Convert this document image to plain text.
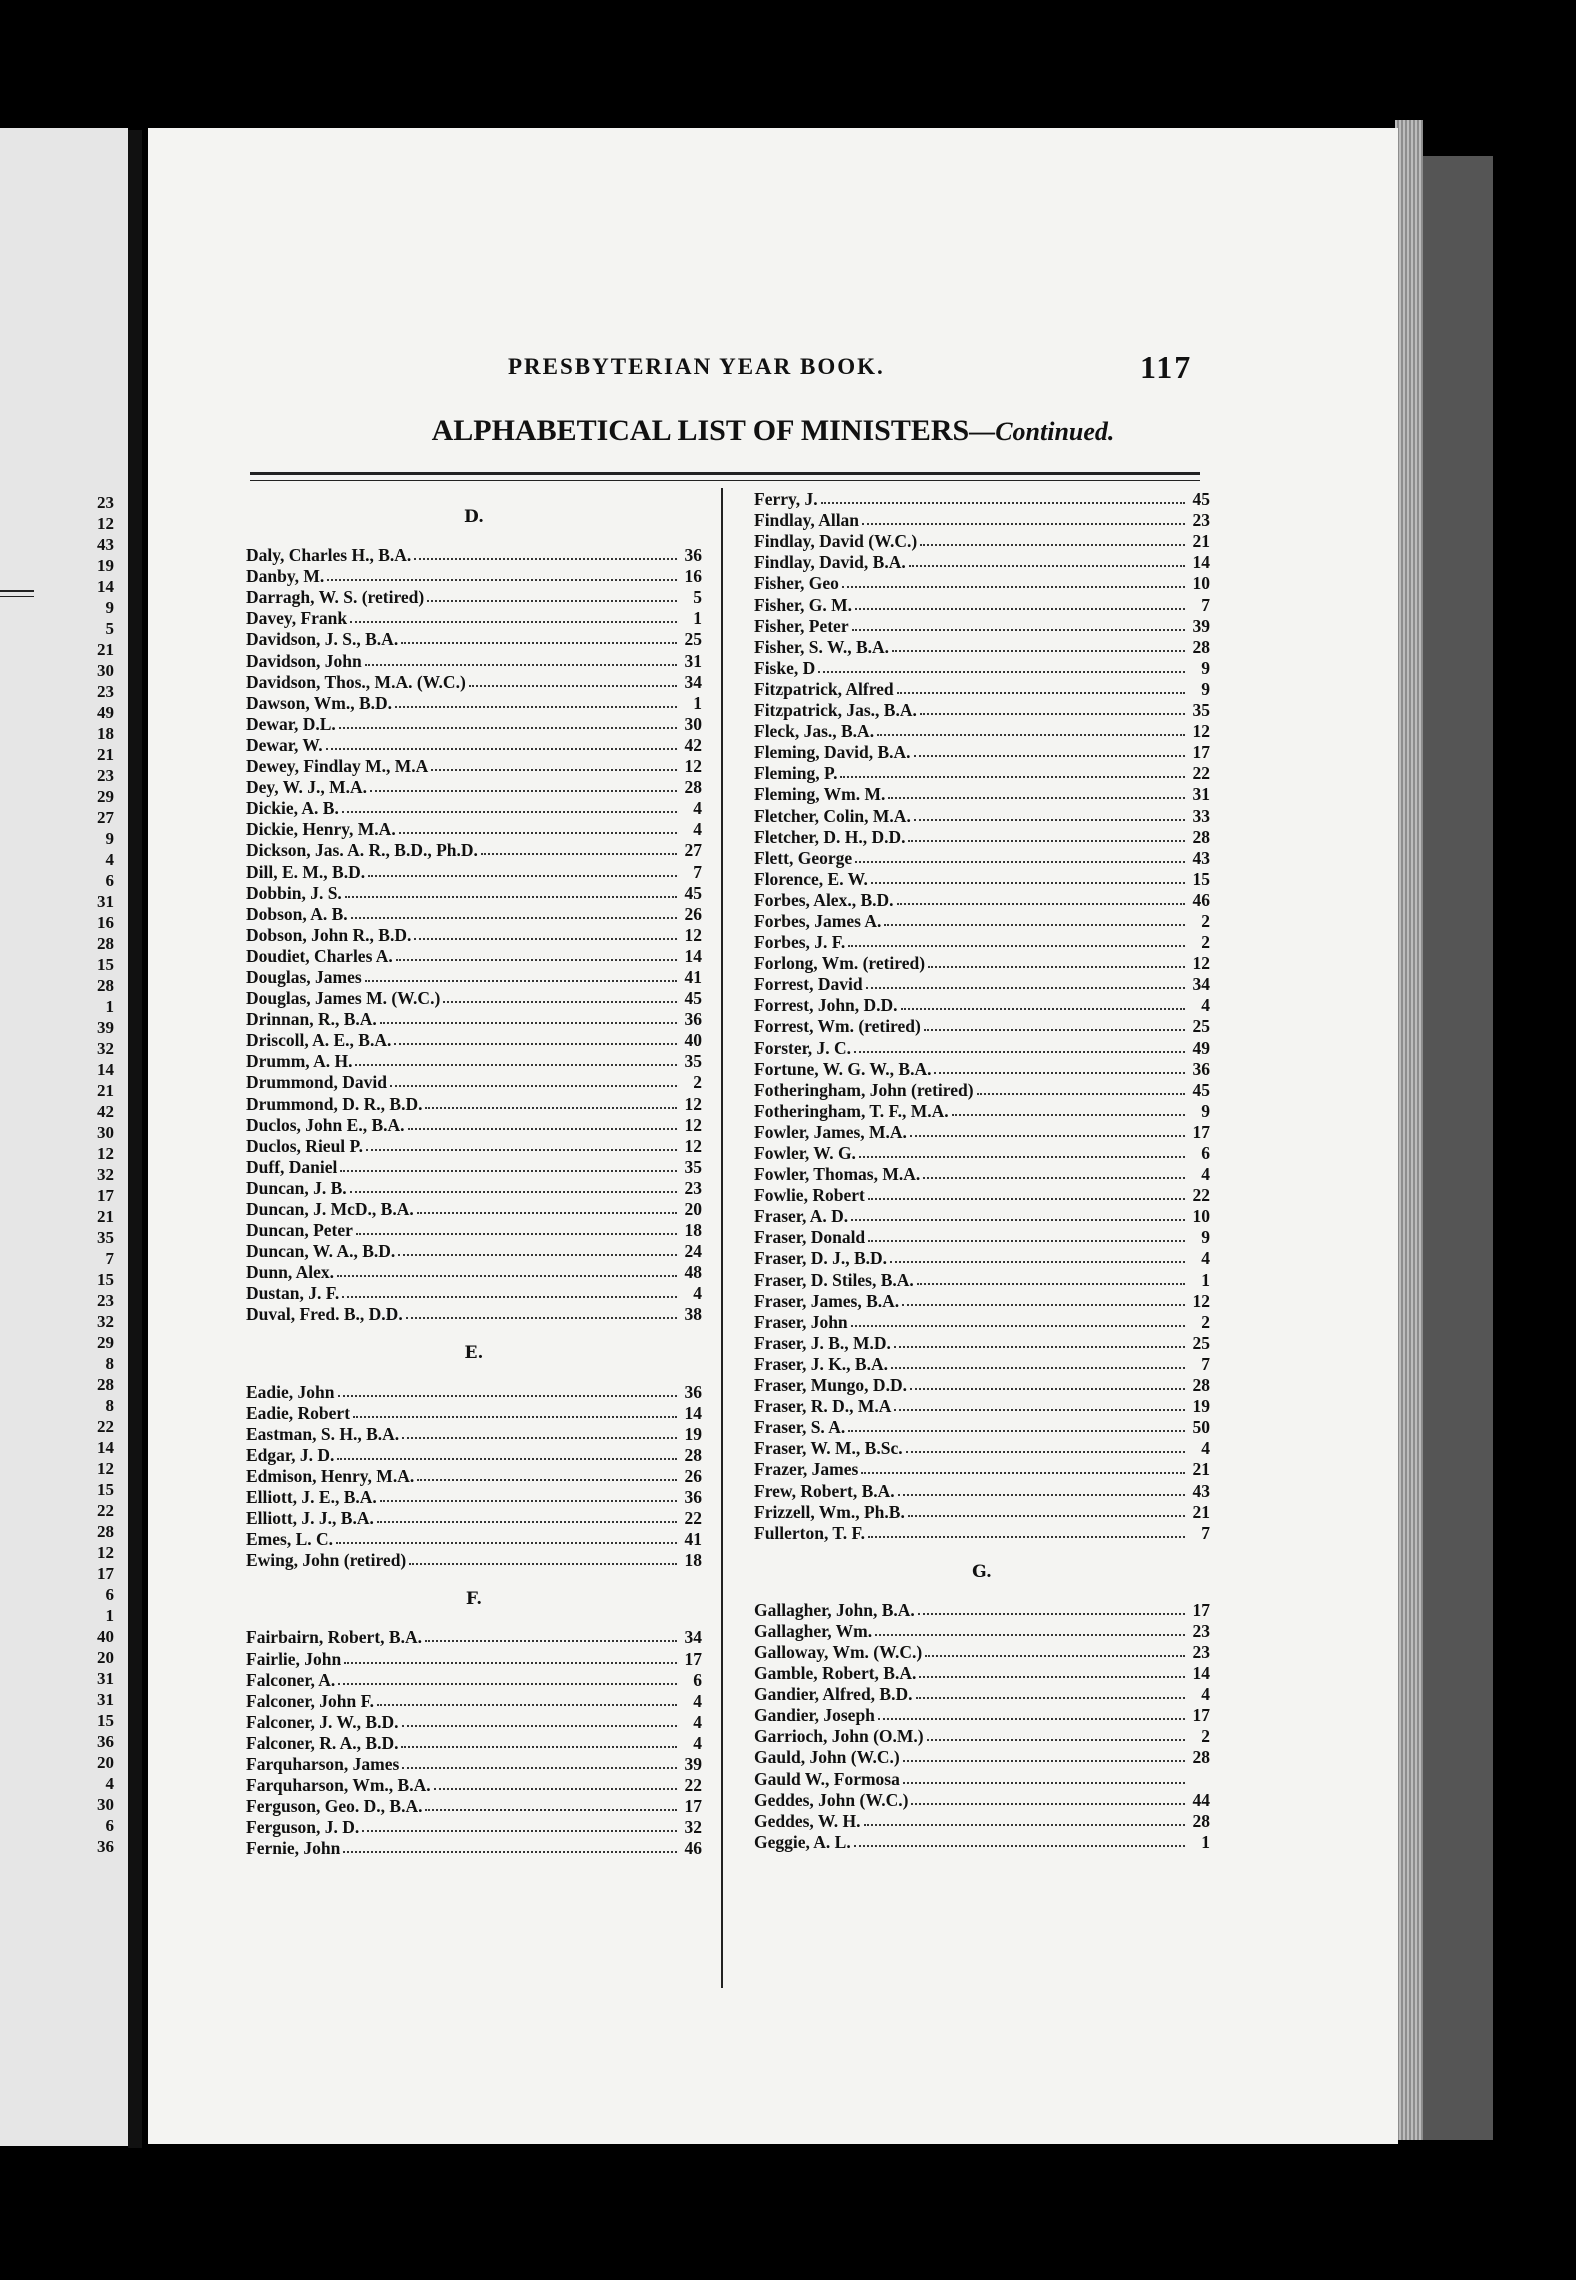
23
12
43
19
14
9
5
21
30
23
49
18
21
23
29
27
9
4
6
31
16
28
15
28
1
39
32
14
21
42
30
12
32
17
21
35
7
15
23
32
29
8
28
8
22
14
12
15
22
28
12
17
6
1
40
20
31
31
15
36
20
4
30
6
36
PRESBYTERIAN YEAR BOOK.	117
ALPHABETICAL LIST OF MINISTERS—Continued.
D.
Daly, Charles H., B.A.	36
Danby, M.	16
Darragh, W. S. (retired)	5
Davey, Frank	1
Davidson, J. S., B.A.	25
Davidson, John	31
Davidson, Thos., M.A. (W.C.)	34
Dawson, Wm., B.D.	1
Dewar, D.L.	30
Dewar, W.	42
Dewey, Findlay M., M.A	12
Dey, W. J., M.A.	28
Dickie, A. B.	4
Dickie, Henry, M.A.	4
Dickson, Jas. A. R., B.D., Ph.D.	27
Dill, E. M., B.D.	7
Dobbin, J. S.	45
Dobson, A. B.	26
Dobson, John R., B.D.	12
Doudiet, Charles A.	14
Douglas, James	41
Douglas, James M. (W.C.)	45
Drinnan, R., B.A.	36
Driscoll, A. E., B.A.	40
Drumm, A. H.	35
Drummond, David	2
Drummond, D. R., B.D.	12
Duclos, John E., B.A.	12
Duclos, Rieul P.	12
Duff, Daniel	35
Duncan, J. B.	23
Duncan, J. McD., B.A.	20
Duncan, Peter	18
Duncan, W. A., B.D.	24
Dunn, Alex.	48
Dustan, J. F.	4
Duval, Fred. B., D.D.	38
E.
Eadie, John	36
Eadie, Robert	14
Eastman, S. H., B.A.	19
Edgar, J. D.	28
Edmison, Henry, M.A.	26
Elliott, J. E., B.A.	36
Elliott, J. J., B.A.	22
Emes, L. C.	41
Ewing, John (retired)	18
F.
Fairbairn, Robert, B.A.	34
Fairlie, John	17
Falconer, A.	6
Falconer, John F.	4
Falconer, J. W., B.D.	4
Falconer, R. A., B.D.	4
Farquharson, James	39
Farquharson, Wm., B.A.	22
Ferguson, Geo. D., B.A.	17
Ferguson, J. D.	32
Fernie, John	46
Ferry, J.	45
Findlay, Allan	23
Findlay, David (W.C.)	21
Findlay, David, B.A.	14
Fisher, Geo	10
Fisher, G. M.	7
Fisher, Peter	39
Fisher, S. W., B.A.	28
Fiske, D	9
Fitzpatrick, Alfred	9
Fitzpatrick, Jas., B.A.	35
Fleck, Jas., B.A.	12
Fleming, David, B.A.	17
Fleming, P.	22
Fleming, Wm. M.	31
Fletcher, Colin, M.A.	33
Fletcher, D. H., D.D.	28
Flett, George	43
Florence, E. W.	15
Forbes, Alex., B.D.	46
Forbes, James A.	2
Forbes, J. F.	2
Forlong, Wm. (retired)	12
Forrest, David	34
Forrest, John, D.D.	4
Forrest, Wm. (retired)	25
Forster, J. C.	49
Fortune, W. G. W., B.A.	36
Fotheringham, John (retired)	45
Fotheringham, T. F., M.A.	9
Fowler, James, M.A.	17
Fowler, W. G.	6
Fowler, Thomas, M.A.	4
Fowlie, Robert	22
Fraser, A. D.	10
Fraser, Donald	9
Fraser, D. J., B.D.	4
Fraser, D. Stiles, B.A.	1
Fraser, James, B.A.	12
Fraser, John	2
Fraser, J. B., M.D.	25
Fraser, J. K., B.A.	7
Fraser, Mungo, D.D.	28
Fraser, R. D., M.A	19
Fraser, S. A.	50
Fraser, W. M., B.Sc.	4
Frazer, James	21
Frew, Robert, B.A.	43
Frizzell, Wm., Ph.B.	21
Fullerton, T. F.	7
G.
Gallagher, John, B.A.	17
Gallagher, Wm.	23
Galloway, Wm. (W.C.)	23
Gamble, Robert, B.A.	14
Gandier, Alfred, B.D.	4
Gandier, Joseph	17
Garrioch, John (O.M.)	2
Gauld, John (W.C.)	28
Gauld W., Formosa
Geddes, John (W.C.)	44
Geddes, W. H.	28
Geggie, A. L.	1
